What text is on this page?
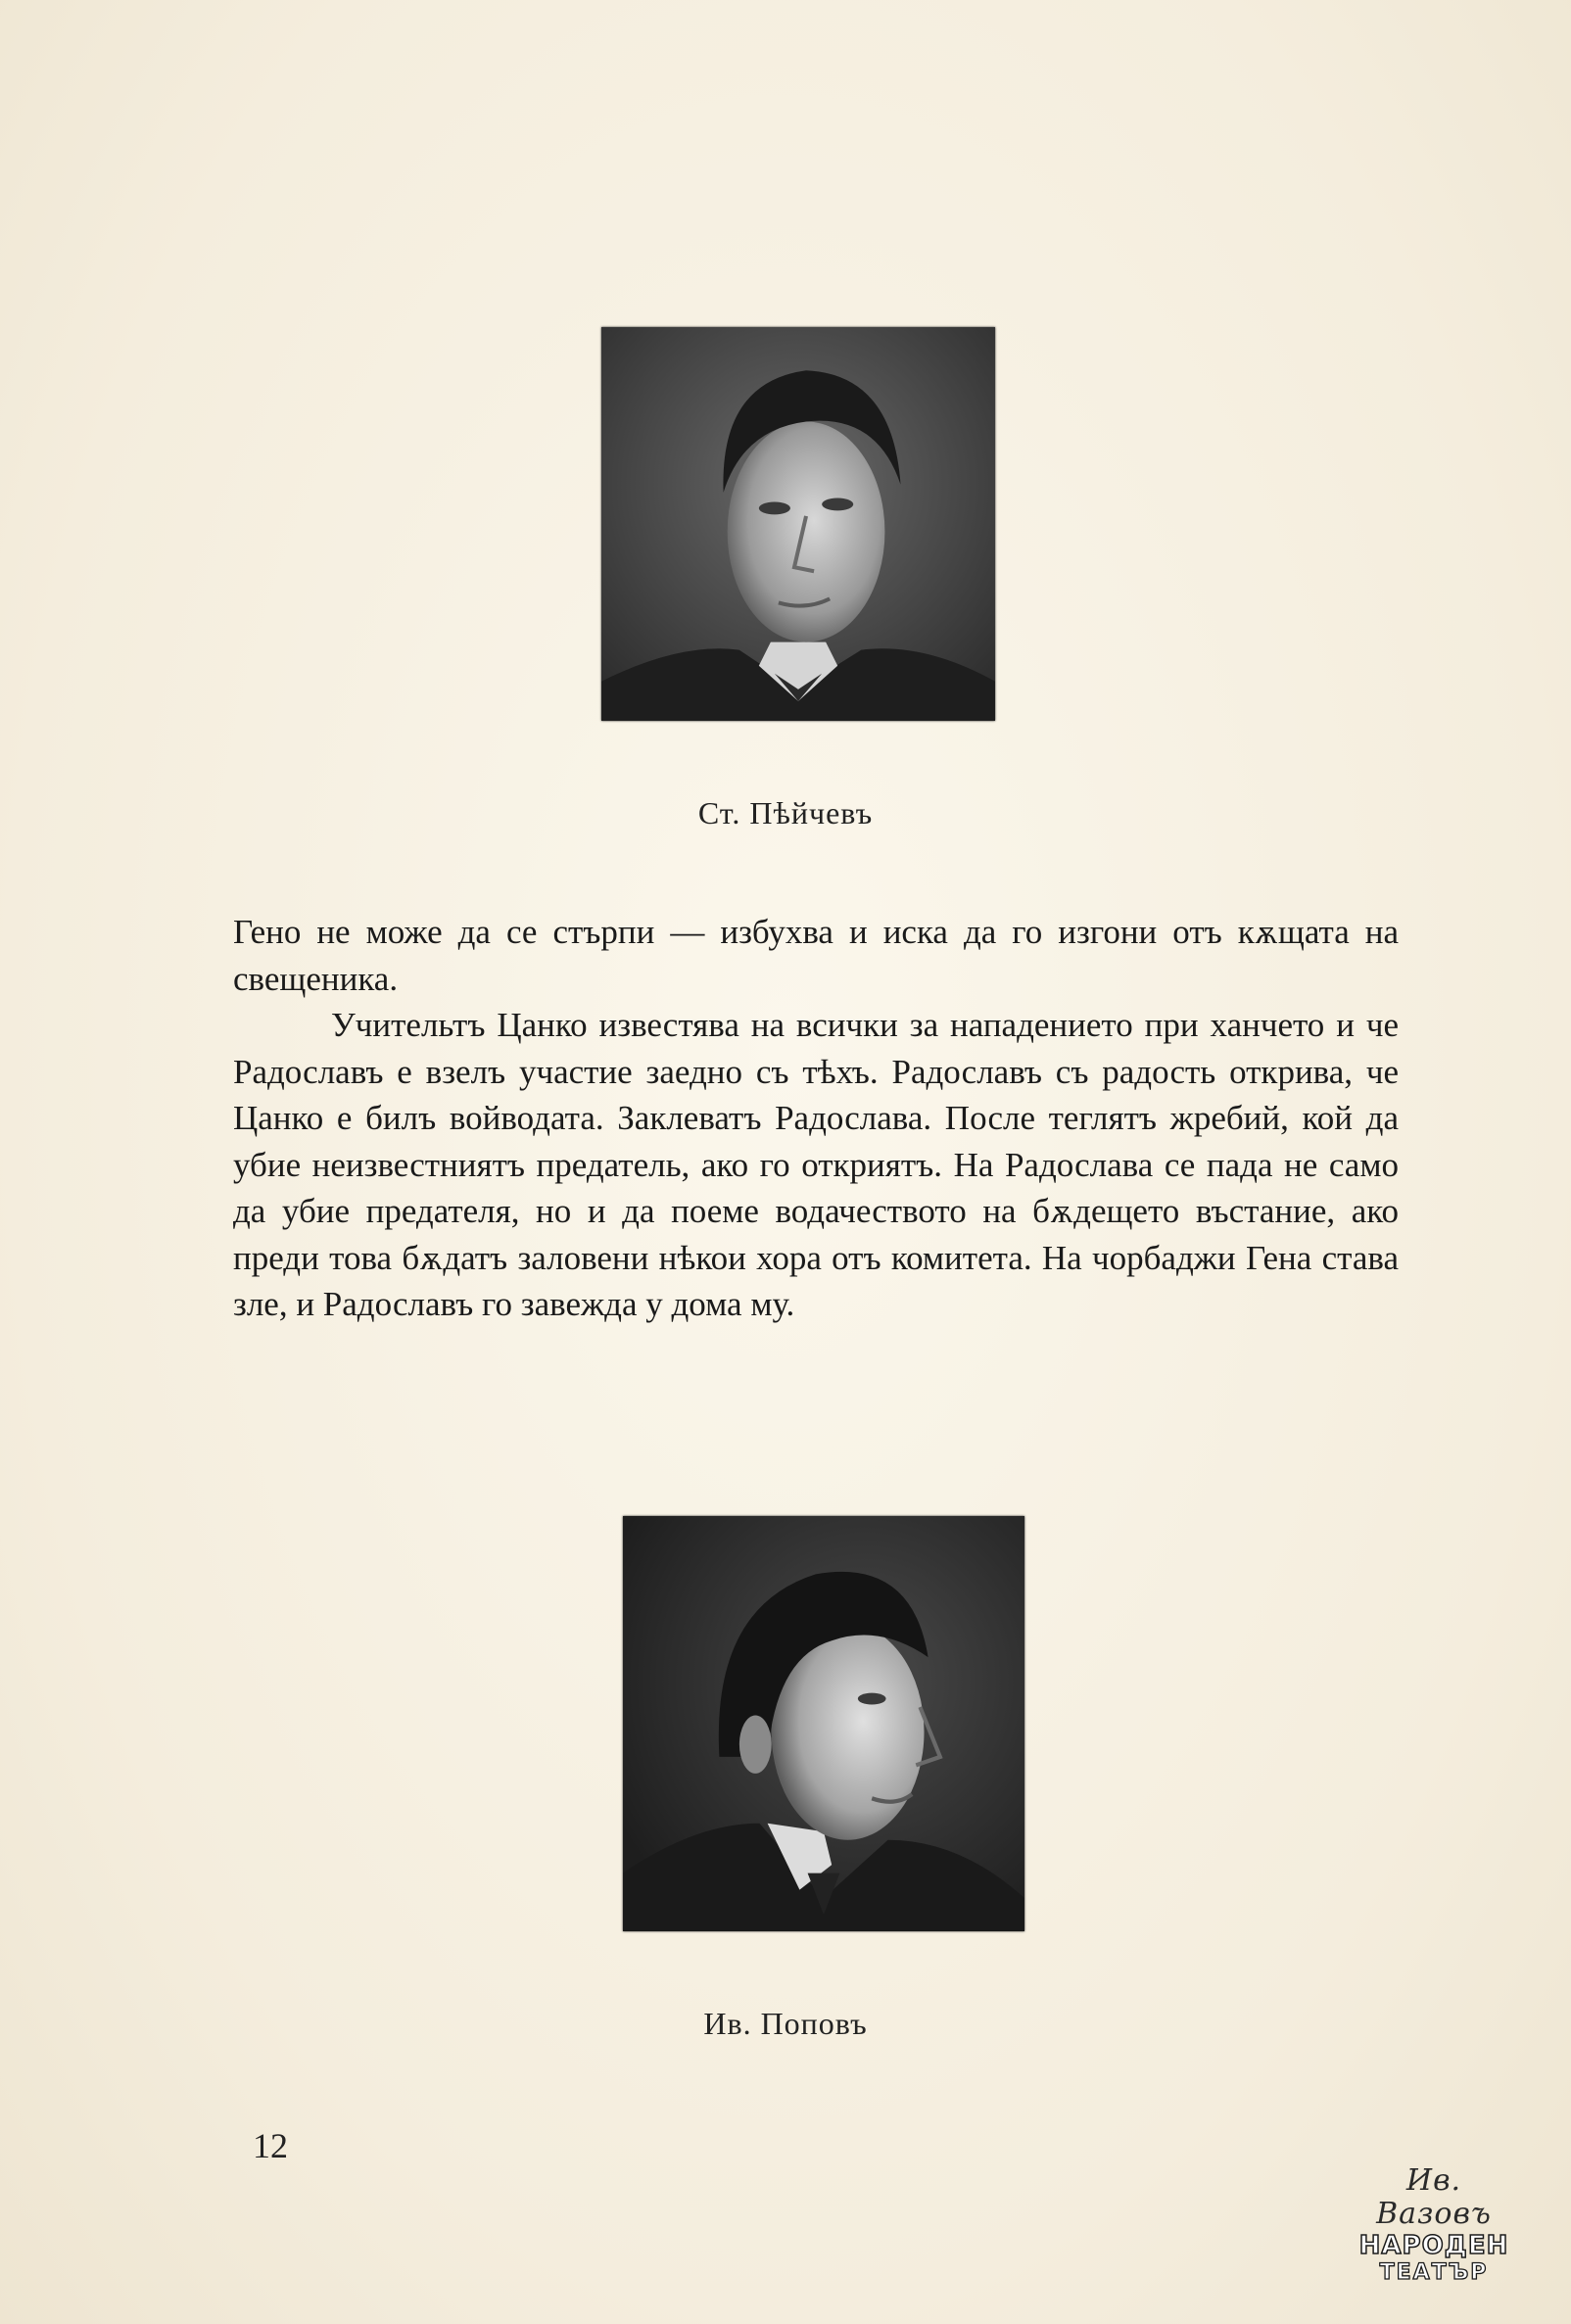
Ст. Пѣйчевъ

Гено не може да се стърпи — избухва и иска да го изгони отъ кѫщата на свещеника.

Учительтъ Цанко известява на всички за нападението при ханчето и че Радославъ е взелъ участие заедно съ тѣхъ. Радославъ съ радость открива, че Цанко е билъ войводата. Заклеватъ Радослава. После теглятъ жребий, кой да убие неизвестниятъ предатель, ако го откриятъ. На Радослава се пада не само да убие предателя, но и да поеме водачеството на бѫдещето въстание, ако преди това бѫдатъ заловени нѣкои хора отъ комитета. На чорбаджи Гена става зле, и Радославъ го завежда у дома му.

Ив. Поповъ
12
Ив. Вазовъ
НАРОДЕН
ТЕАТЪР
